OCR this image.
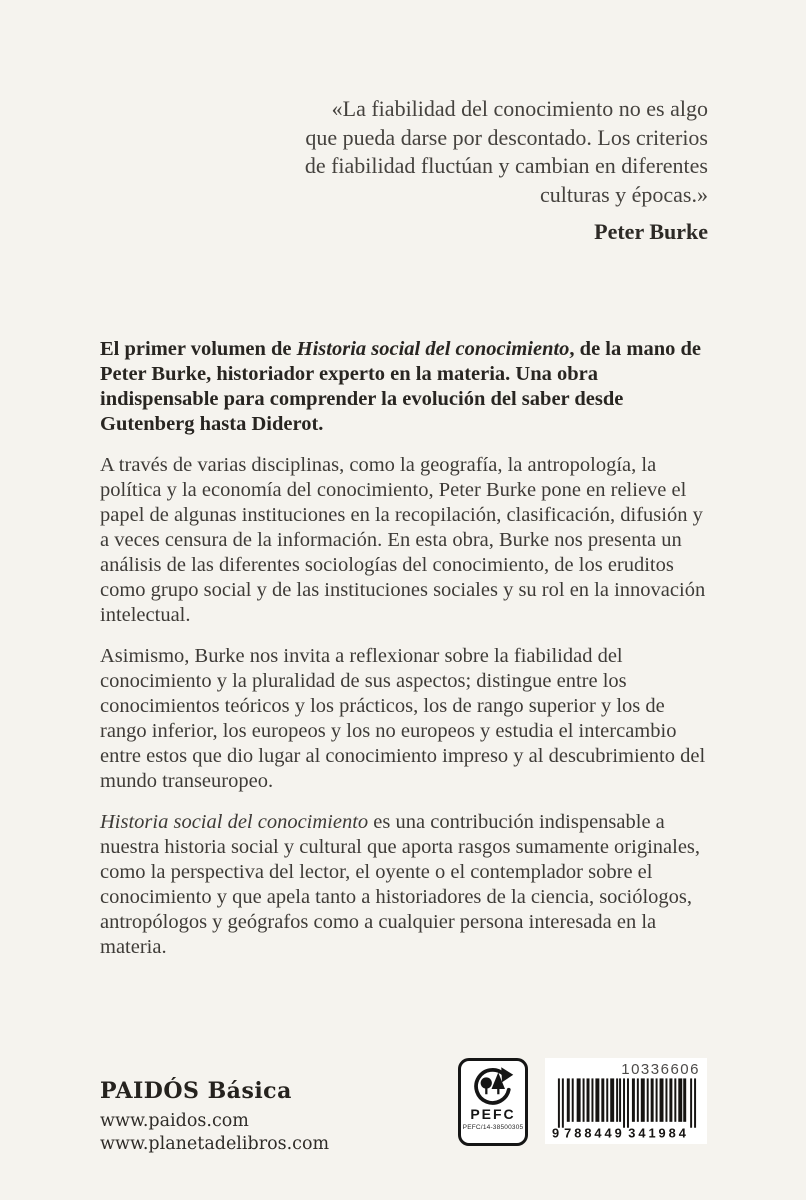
«La fiabilidad del conocimiento no es algo
que pueda darse por descontado. Los criterios
de fiabilidad fluctúan y cambian en diferentes
culturas y épocas.»
Peter Burke

El primer volumen de Historia social del conocimiento, de la mano de Peter Burke, historiador experto en la materia. Una obra indispensable para comprender la evolución del saber desde Gutenberg hasta Diderot.

A través de varias disciplinas, como la geografía, la antropología, la política y la economía del conocimiento, Peter Burke pone en relieve el papel de algunas instituciones en la recopilación, clasificación, difusión y a veces censura de la información. En esta obra, Burke nos presenta un análisis de las diferentes sociologías del conocimiento, de los eruditos como grupo social y de las instituciones sociales y su rol en la innovación intelectual.

Asimismo, Burke nos invita a reflexionar sobre la fiabilidad del conocimiento y la pluralidad de sus aspectos; distingue entre los conocimientos teóricos y los prácticos, los de rango superior y los de rango inferior, los europeos y los no europeos y estudia el intercambio entre estos que dio lugar al conocimiento impreso y al descubrimiento del mundo transeuropeo.

Historia social del conocimiento es una contribución indispensable a nuestra historia social y cultural que aporta rasgos sumamente originales, como la perspectiva del lector, el oyente o el contemplador sobre el conocimiento y que apela tanto a historiadores de la ciencia, sociólogos, antropólogos y geógrafos como a cualquier persona interesada en la materia.

PAIDÓS Básica
www.paidos.com
www.planetadelibros.com
PEFC
PEFC/14-38500305
10336606
9 788449 341984
